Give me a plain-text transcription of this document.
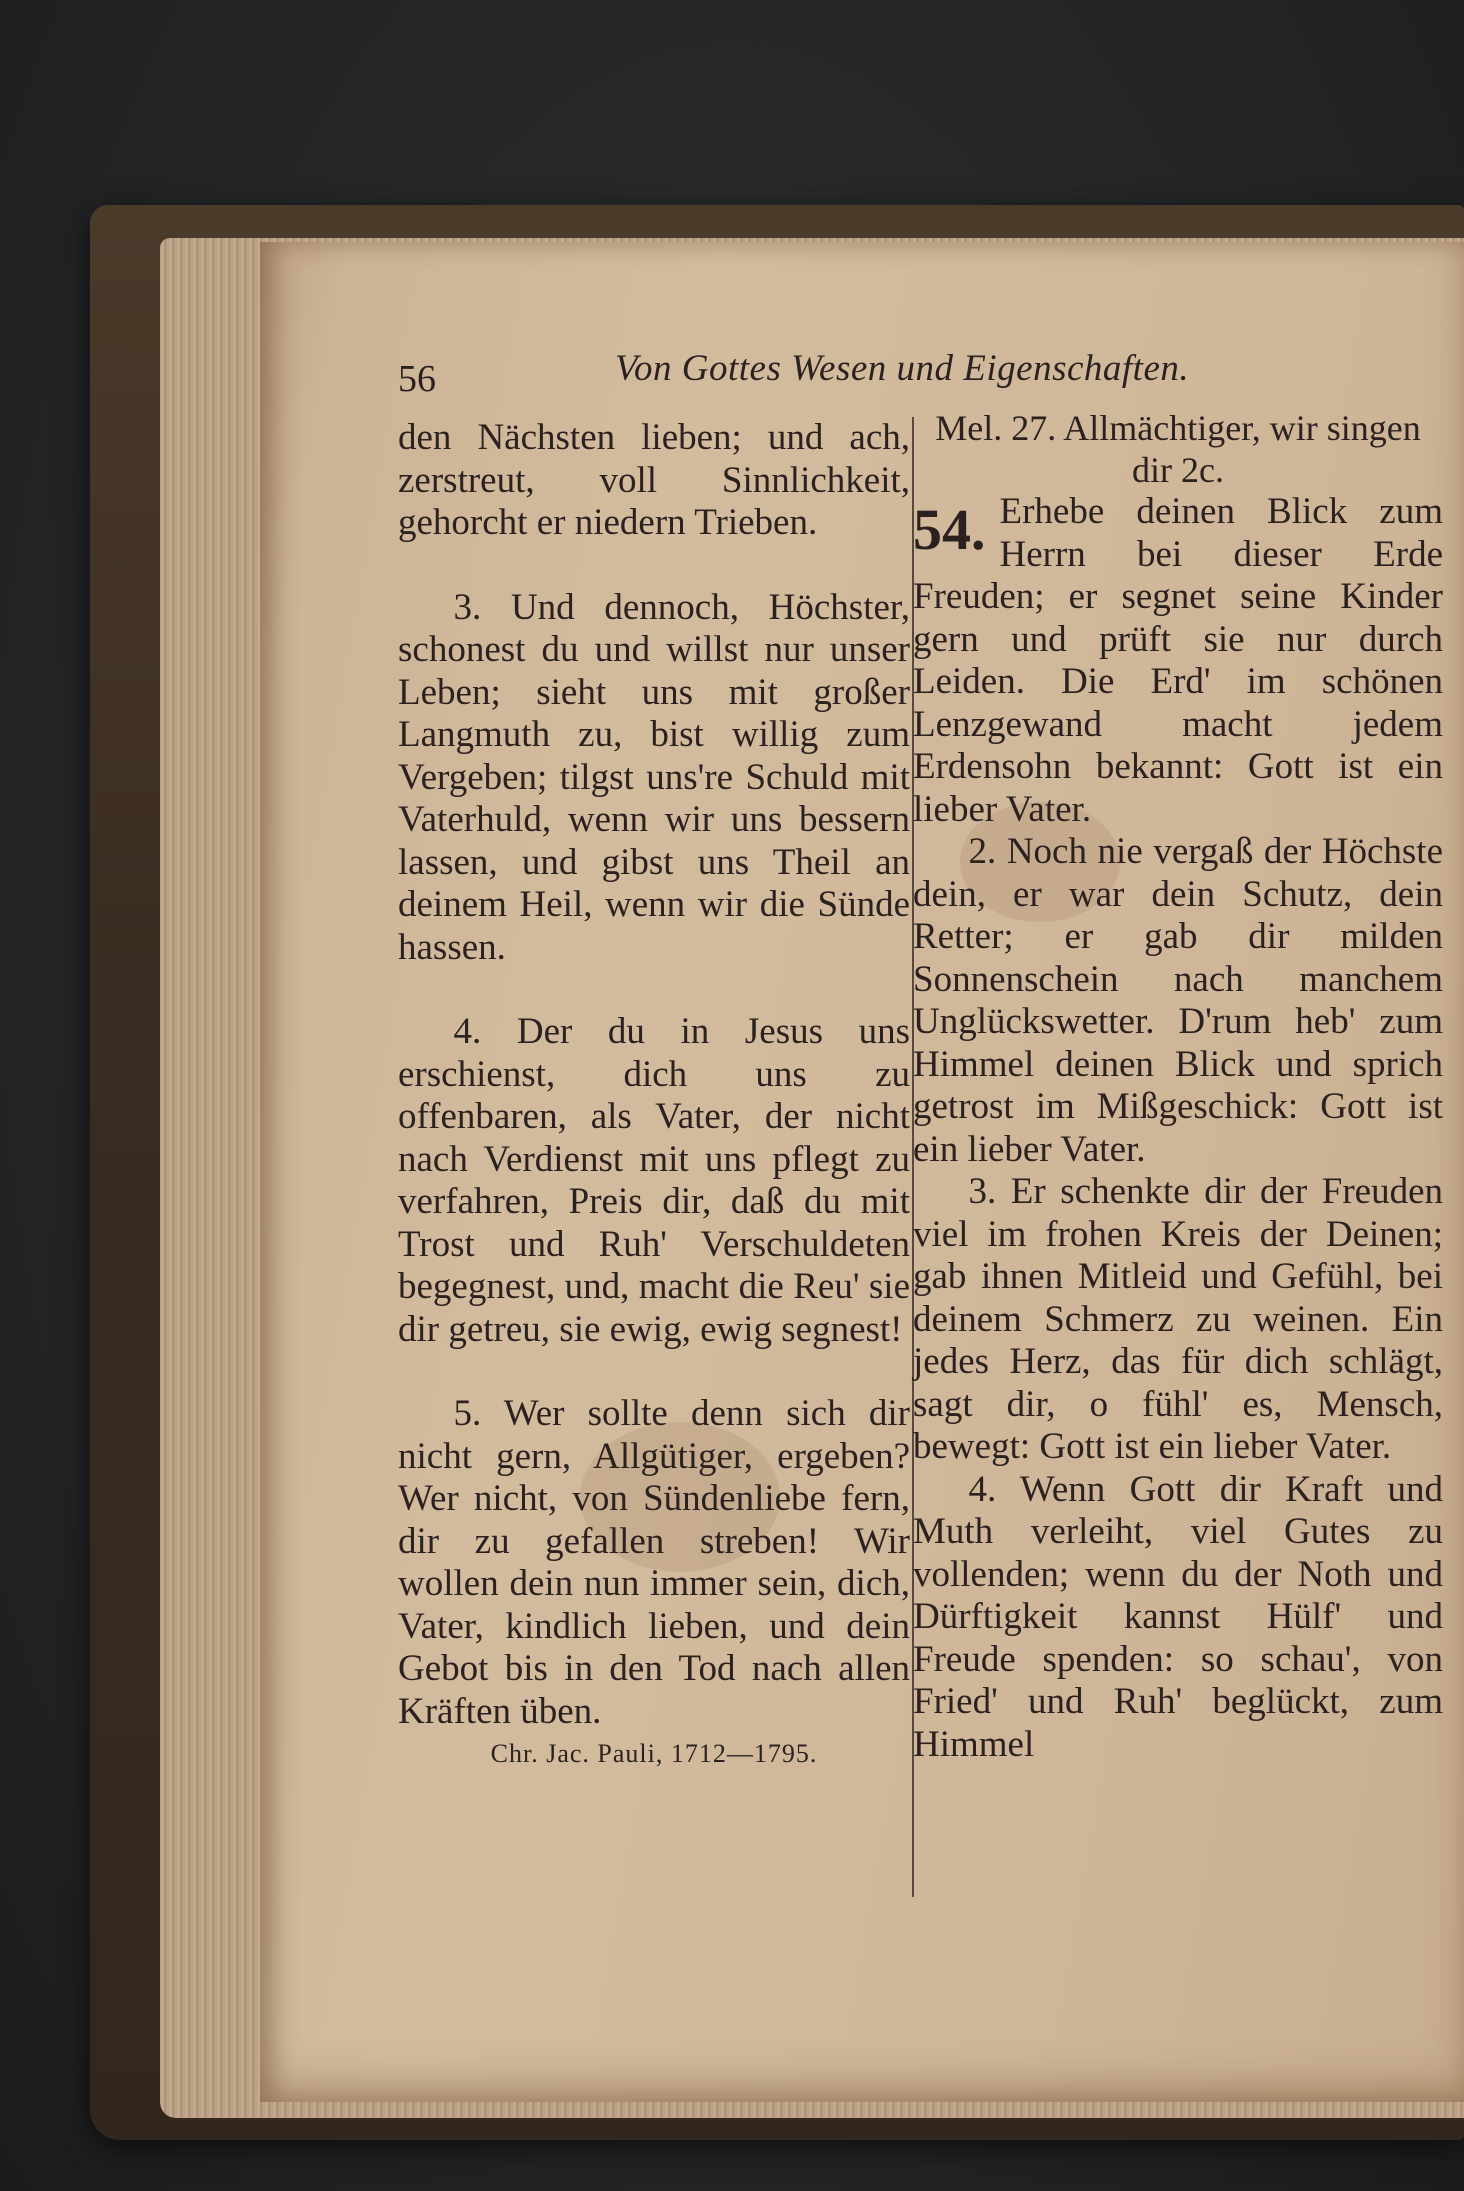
56	Von Gottes Wesen und Eigenschaften.

den Nächsten lieben; und ach, zerstreut, voll Sinnlichkeit, gehorcht er niedern Trieben.

3. Und dennoch, Höchster, schonest du und willst nur unser Leben; sieht uns mit großer Langmuth zu, bist willig zum Vergeben; tilgst uns're Schuld mit Vaterhuld, wenn wir uns bessern lassen, und gibst uns Theil an deinem Heil, wenn wir die Sünde hassen.

4. Der du in Jesus uns erschienst, dich uns zu offenbaren, als Vater, der nicht nach Verdienst mit uns pflegt zu verfahren, Preis dir, daß du mit Trost und Ruh' Verschuldeten begegnest, und, macht die Reu' sie dir getreu, sie ewig, ewig segnest!

5. Wer sollte denn sich dir nicht gern, Allgütiger, ergeben? Wer nicht, von Sündenliebe fern, dir zu gefallen streben! Wir wollen dein nun immer sein, dich, Vater, kindlich lieben, und dein Gebot bis in den Tod nach allen Kräften üben.

Chr. Jac. Pauli, 1712—1795.

Mel. 27. Allmächtiger, wir singen dir 2c.

54. Erhebe deinen Blick zum Herrn bei dieser Erde Freuden; er segnet seine Kinder gern und prüft sie nur durch Leiden. Die Erd' im schönen Lenzgewand macht jedem Erdensohn bekannt: Gott ist ein lieber Vater.

2. Noch nie vergaß der Höchste dein, er war dein Schutz, dein Retter; er gab dir milden Sonnenschein nach manchem Unglückswetter. D'rum heb' zum Himmel deinen Blick und sprich getrost im Mißgeschick: Gott ist ein lieber Vater.

3. Er schenkte dir der Freuden viel im frohen Kreis der Deinen; gab ihnen Mitleid und Gefühl, bei deinem Schmerz zu weinen. Ein jedes Herz, das für dich schlägt, sagt dir, o fühl' es, Mensch, bewegt: Gott ist ein lieber Vater.

4. Wenn Gott dir Kraft und Muth verleiht, viel Gutes zu vollenden; wenn du der Noth und Dürftigkeit kannst Hülf' und Freude spenden: so schau', von Fried' und Ruh' beglückt, zum Himmel
